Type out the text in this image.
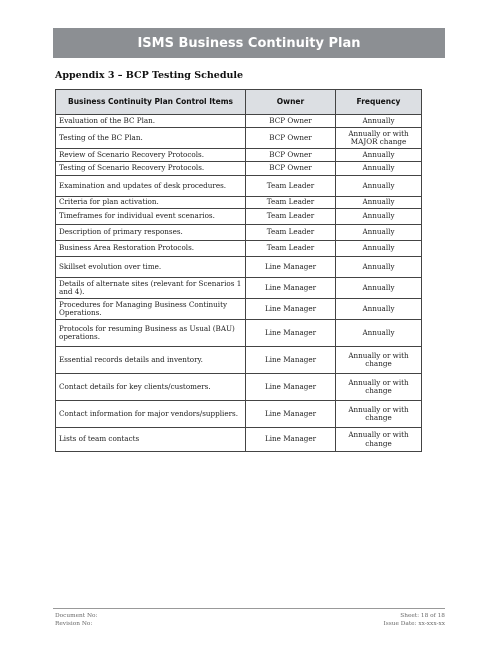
ISMS Business Continuity Plan
Appendix 3 – BCP Testing Schedule
Business Continuity Plan Control Items	Owner	Frequency
Evaluation of the BC Plan.	BCP Owner	Annually
Testing of the BC Plan.	BCP Owner	Annually or with MAJOR change
Review of Scenario Recovery Protocols.	BCP Owner	Annually
Testing of Scenario Recovery Protocols.	BCP Owner	Annually
Examination and updates of desk procedures.	Team Leader	Annually
Criteria for plan activation.	Team Leader	Annually
Timeframes for individual event scenarios.	Team Leader	Annually
Description of primary responses.	Team Leader	Annually
Business Area Restoration Protocols.	Team Leader	Annually
Skillset evolution over time.	Line Manager	Annually
Details of alternate sites (relevant for Scenarios 1 and 4).	Line Manager	Annually
Procedures for Managing Business Continuity Operations.	Line Manager	Annually
Protocols for resuming Business as Usual (BAU) operations.	Line Manager	Annually
Essential records details and inventory.	Line Manager	Annually or with change
Contact details for key clients/customers.	Line Manager	Annually or with change
Contact information for major vendors/suppliers.	Line Manager	Annually or with change
Lists of team contacts	Line Manager	Annually or with change
Document No:
Revision No:
Sheet: 18 of 18
Issue Date: xx-xxx-xx
